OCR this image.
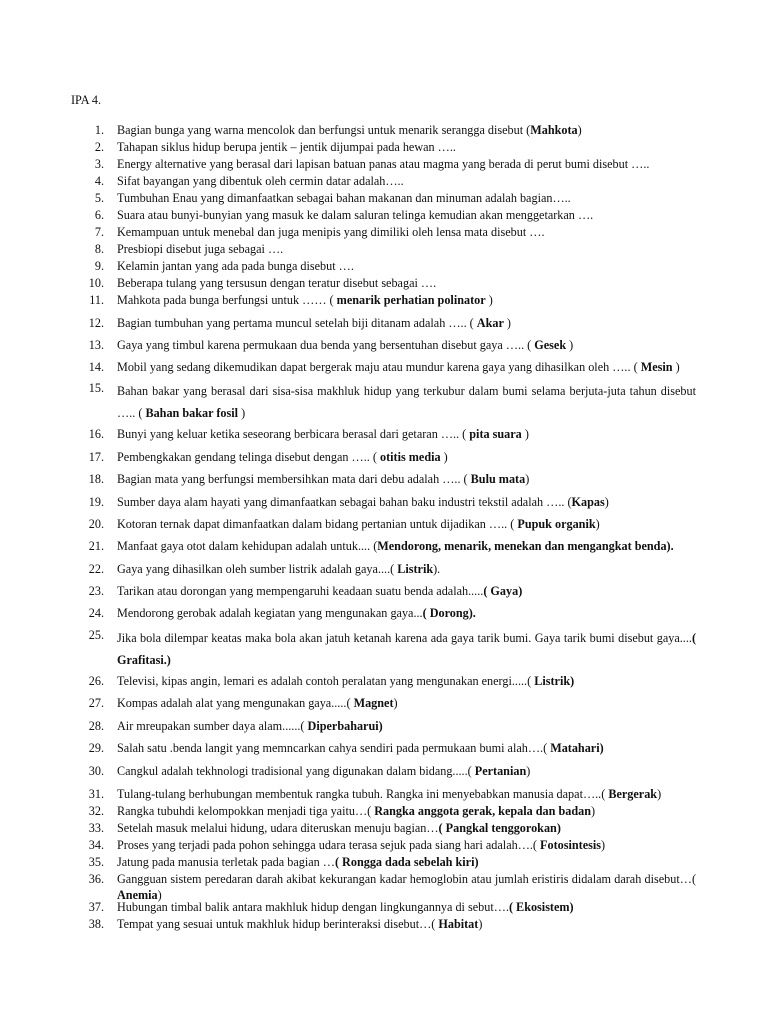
IPA 4.
1. Bagian bunga yang warna mencolok dan berfungsi untuk menarik serangga disebut (Mahkota)
2. Tahapan siklus hidup berupa jentik – jentik dijumpai pada hewan …..
3. Energy alternative yang berasal dari lapisan batuan panas atau magma yang berada di perut bumi disebut …..
4. Sifat bayangan yang dibentuk oleh cermin datar adalah…..
5. Tumbuhan Enau yang dimanfaatkan sebagai bahan makanan dan minuman adalah bagian…..
6. Suara atau bunyi-bunyian yang masuk ke dalam saluran telinga kemudian akan menggetarkan ….
7. Kemampuan untuk menebal dan juga menipis yang dimiliki oleh lensa mata disebut ….
8. Presbiopi disebut juga sebagai ….
9. Kelamin jantan yang ada pada bunga disebut ….
10. Beberapa tulang yang tersusun dengan teratur disebut sebagai ….
11. Mahkota pada bunga berfungsi untuk …… ( menarik perhatian polinator )
12. Bagian tumbuhan yang pertama muncul setelah biji ditanam adalah ….. ( Akar )
13. Gaya yang timbul karena permukaan dua benda yang bersentuhan disebut gaya ….. ( Gesek )
14. Mobil yang sedang dikemudikan dapat bergerak maju atau mundur karena gaya yang dihasilkan oleh ….. ( Mesin )
15. Bahan bakar yang berasal dari sisa-sisa makhluk hidup yang terkubur dalam bumi selama berjuta-juta tahun disebut ….. ( Bahan bakar fosil )
16. Bunyi yang keluar ketika seseorang berbicara berasal dari getaran ….. ( pita suara )
17. Pembengkakan gendang telinga disebut dengan ….. ( otitis media )
18. Bagian mata yang berfungsi membersihkan mata dari debu adalah ….. ( Bulu mata)
19. Sumber daya alam hayati yang dimanfaatkan sebagai bahan baku industri tekstil adalah ….. (Kapas)
20. Kotoran ternak dapat dimanfaatkan dalam bidang pertanian untuk dijadikan ….. ( Pupuk organik)
21. Manfaat gaya otot dalam kehidupan adalah untuk.... (Mendorong, menarik, menekan dan mengangkat benda).
22. Gaya yang dihasilkan oleh sumber listrik adalah gaya....( Listrik).
23. Tarikan atau dorongan yang mempengaruhi keadaan suatu benda adalah.....( Gaya)
24. Mendorong gerobak adalah kegiatan yang mengunakan gaya...( Dorong).
25. Jika bola dilempar keatas maka bola akan jatuh ketanah karena ada gaya tarik bumi. Gaya tarik bumi disebut gaya....( Grafitasi.)
26. Televisi, kipas angin, lemari es adalah contoh peralatan yang mengunakan energi.....( Listrik)
27. Kompas adalah alat yang mengunakan gaya.....( Magnet)
28. Air mreupakan sumber daya alam......( Diperbaharui)
29. Salah satu .benda langit yang memncarkan cahya sendiri pada permukaan bumi alah….( Matahari)
30. Cangkul adalah tekhnologi tradisional yang digunakan dalam bidang.....( Pertanian)
31. Tulang-tulang berhubungan membentuk rangka tubuh. Rangka ini menyebabkan manusia dapat…..( Bergerak)
32. Rangka tubuhdi kelompokkan menjadi tiga yaitu…( Rangka anggota gerak, kepala dan badan)
33. Setelah masuk melalui hidung, udara diteruskan menuju bagian…( Pangkal tenggorokan)
34. Proses yang terjadi pada pohon sehingga udara terasa sejuk pada siang hari adalah….( Fotosintesis)
35. Jatung pada manusia terletak pada bagian …( Rongga dada sebelah kiri)
36. Gangguan sistem peredaran darah akibat kekurangan kadar hemoglobin atau jumlah eristiris didalam darah disebut…( Anemia)
37. Hubungan timbal balik antara makhluk hidup dengan lingkungannya di sebut….( Ekosistem)
38. Tempat yang sesuai untuk makhluk hidup berinteraksi disebut…( Habitat)
